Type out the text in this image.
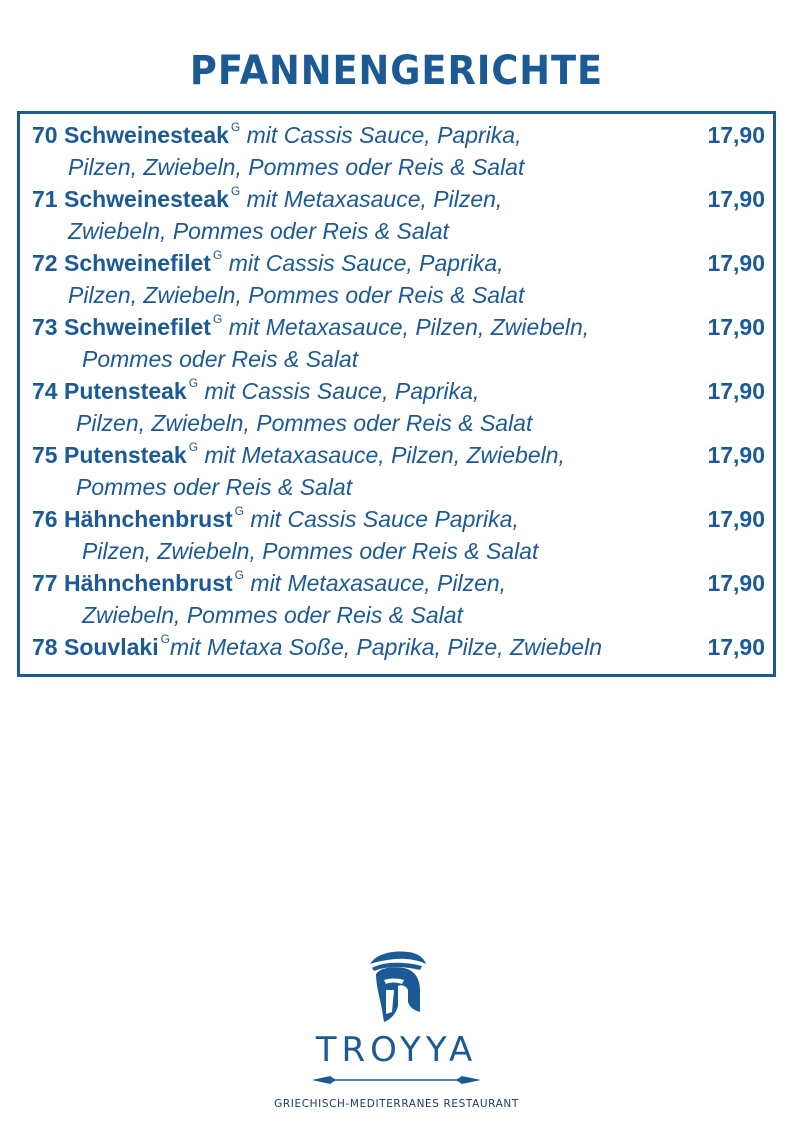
PFANNENGERICHTE
70 Schweinesteak $^G$ mit Cassis Sauce, Paprika,
Pilzen, Zwiebeln, Pommes oder Reis & Salat
17,90
71 Schweinesteak $^G$ mit Metaxasauce, Pilzen,
Zwiebeln, Pommes oder Reis & Salat
17,90
72 Schweinefilet $^G$ mit Cassis Sauce, Paprika,
Pilzen, Zwiebeln, Pommes oder Reis & Salat
17,90
73 Schweinefilet $^G$ mit Metaxasauce, Pilzen, Zwiebeln,
Pommes oder Reis & Salat
17,90
74 Putensteak $^G$ mit Cassis Sauce, Paprika,
Pilzen, Zwiebeln, Pommes oder Reis & Salat
17,90
75 Putensteak $^G$ mit Metaxasauce, Pilzen, Zwiebeln,
Pommes oder Reis & Salat
17,90
76 Hähnchenbrust $^G$ mit Cassis Sauce Paprika,
Pilzen, Zwiebeln, Pommes oder Reis & Salat
17,90
77 Hähnchenbrust $^G$ mit Metaxasauce, Pilzen,
Zwiebeln, Pommes oder Reis & Salat
17,90
78 Souvlaki $^G$mit Metaxa Soße, Paprika, Pilze, Zwiebeln	17,90
TROYYA
GRIECHISCH-MEDITERRANES RESTAURANT
